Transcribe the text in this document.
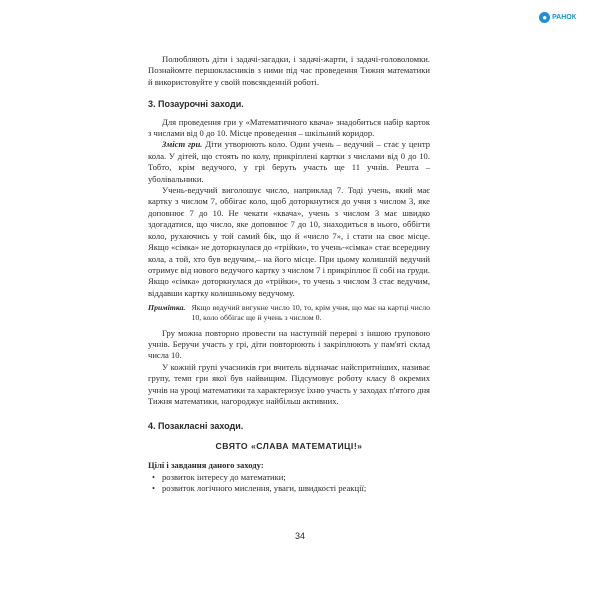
● РАНОК

Полюбляють діти і задачі-загадки, і задачі-жарти, і задачі-головоломки. Познайомте першокласників з ними під час проведення Тижня математики й використовуйте у своїй повсякденній роботі.

3. Позаурочні заходи.

Для проведення гри у «Математичного квача» знадобиться набір карток з числами від 0 до 10. Місце проведення – шкільний коридор.

Зміст гри. Діти утворюють коло. Один учень – ведучий – стає у центр кола. У дітей, що стоять по колу, прикріплені картки з числами від 0 до 10. Тобто, крім ведучого, у грі беруть участь ще 11 учнів. Решта – уболівальники.

Учень-ведучий виголошує число, наприклад 7. Тоді учень, який має картку з числом 7, оббігає коло, щоб доторкнутися до учня з числом 3, яке доповнює 7 до 10. Не чекати «квача», учень з числом 3 має швидко здогадатися, що число, яке доповнює 7 до 10, знаходиться в нього, оббігти коло, рухаючись у той самий бік, що й «число 7», і стати на своє місце. Якщо «сімка» не доторкнулася до «трійки», то учень-«сімка» стає всередину кола, а той, хто був ведучим,– на його місце. При цьому колишній ведучий отримує від нового ведучого картку з числом 7 і прикріплює її собі на груди. Якщо «сімка» доторкнулася до «трійки», то учень з числом 3 стає ведучим, віддавши картку колишньому ведучому.

Примітка. Якщо ведучий вигукне число 10, то, крім учня, що має на картці число 10, коло оббігає ще й учень з числом 0.

Гру можна повторно провести на наступній перерві з іншою груповою учнів. Беручи участь у грі, діти повторюють і закріплюють у пам'яті склад числа 10.

У кожній групі учасників гри вчитель відзначає найспритніших, називає групу, темп гри якої був найвищим. Підсумовує роботу класу 8 окремих учнів на уроці математики та характеризує їхню участь у заходах п'ятого дня Тижня математики, нагороджує найбільш активних.

4. Позакласні заходи.

СВЯТО «СЛАВА МАТЕМАТИЦІ!»

Цілі і завдання даного заходу:

• розвиток інтересу до математики;
• розвиток логічного мислення, уваги, швидкості реакції;
34
